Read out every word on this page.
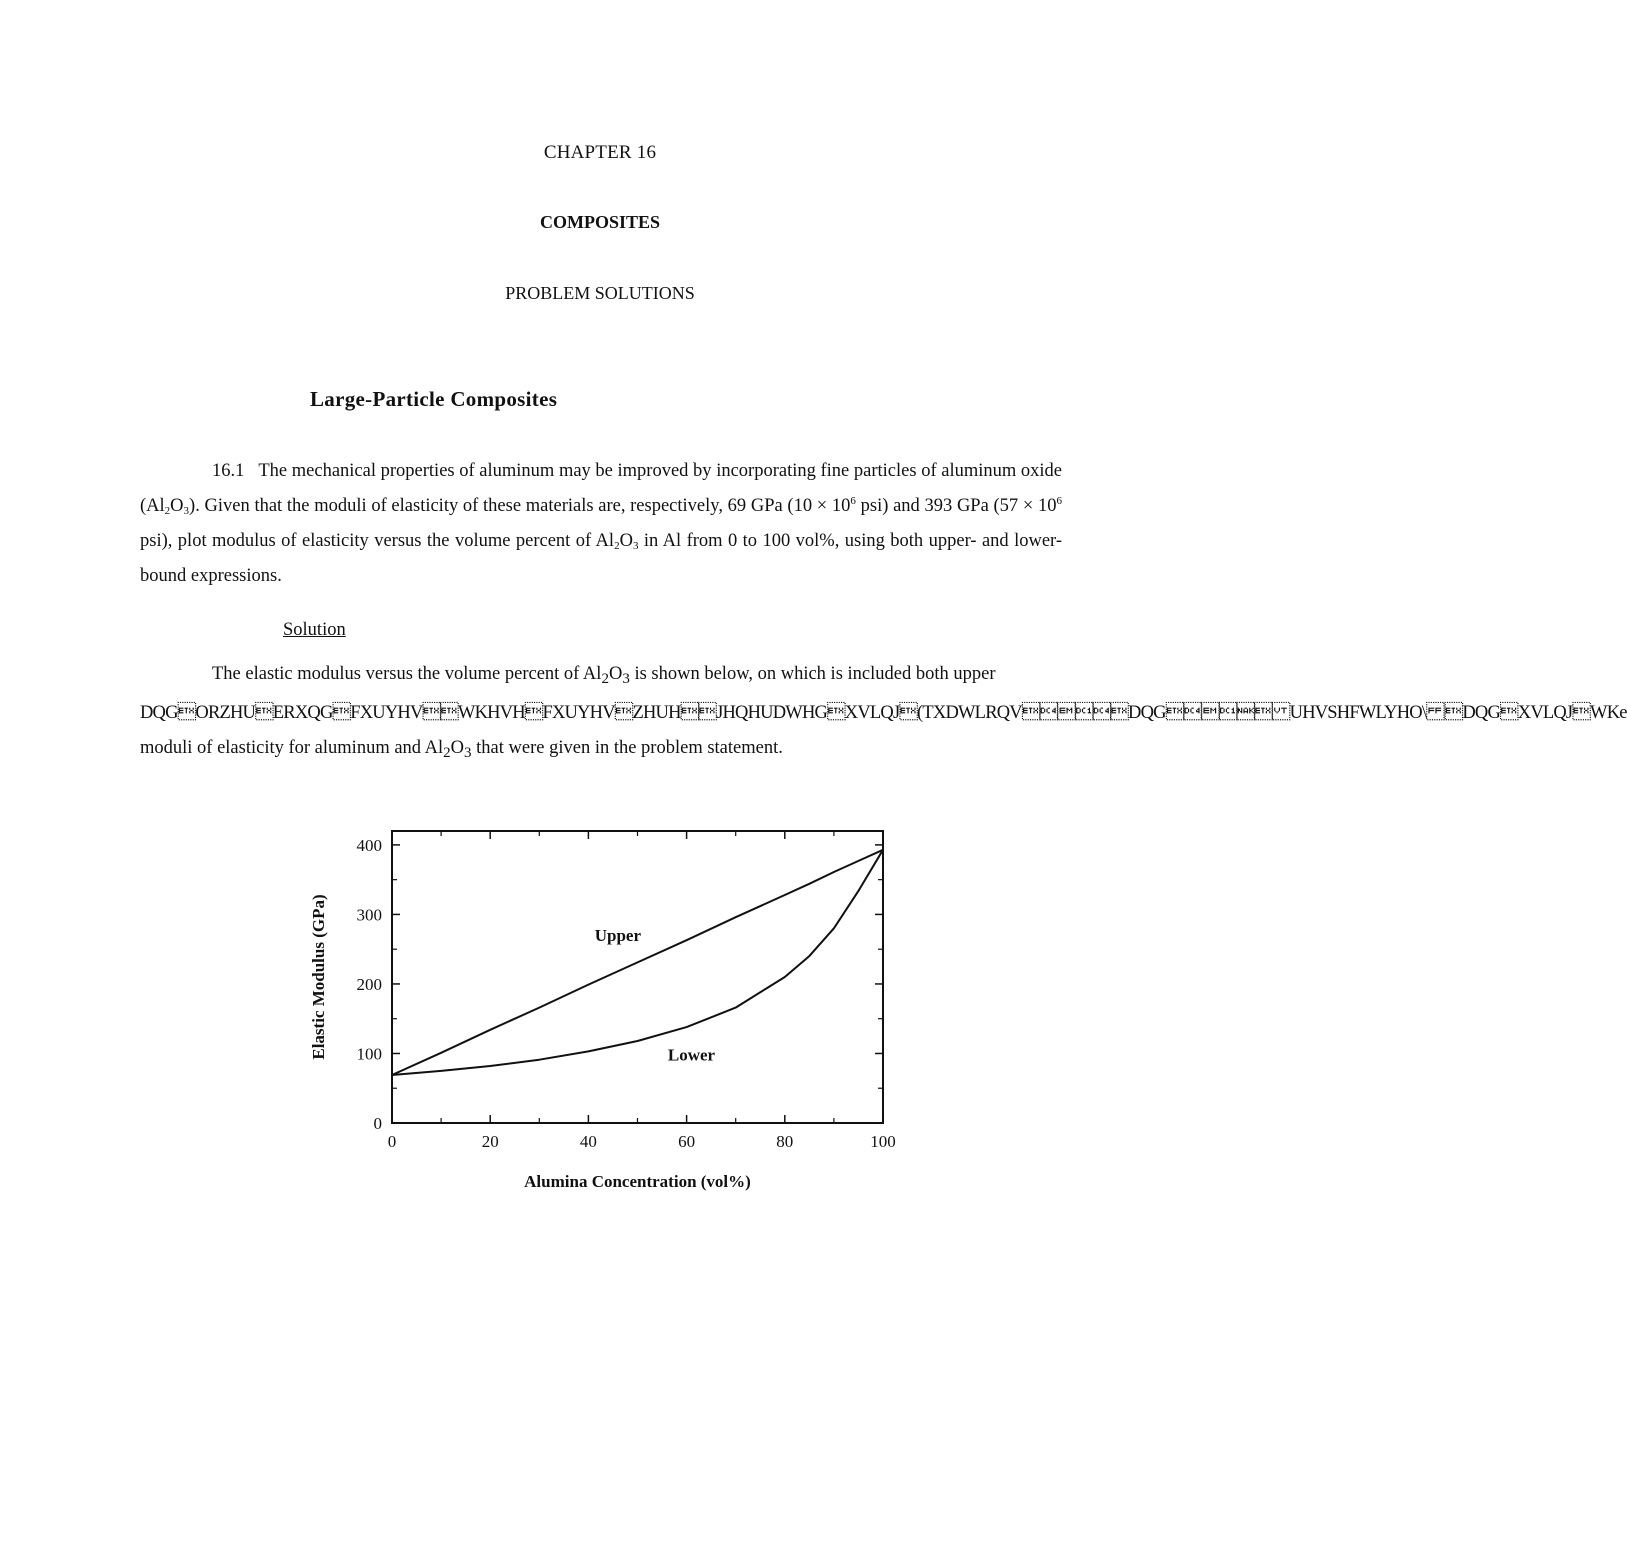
CHAPTER 16
COMPOSITES
PROBLEM SOLUTIONS
Large-Particle Composites
16.1 The mechanical properties of aluminum may be improved by incorporating fine particles of aluminum oxide $(Al_2O_3)$. Given that the moduli of elasticity of these materials are, respectively, 69 GPa ($10 \times 10^6$ psi) and 393 GPa ($57 \times 10^6$ psi), plot modulus of elasticity versus the volume percent of $Al_2O_3$ in Al from 0 to 100 vol%, using both upper- and lower-bound expressions.
Solution
The elastic modulus versus the volume percent of $Al_2O_3$ is shown below, on which is included both upper
DQGORZHUERXQGFXUYHVWKHVHFXUYHVZHUHJHQHUDWHGXVLQJ(TXDWLRQVDQGUHVSHFWLYHO\DQGXVLQJWKe
moduli of elasticity for aluminum and $Al_2O_3$ that were given in the problem statement.
0	20	40	60	80	100
0
100
200
300
400
Upper
Lower
Alumina Concentration (vol%)
Elastic Modulus (GPa)
